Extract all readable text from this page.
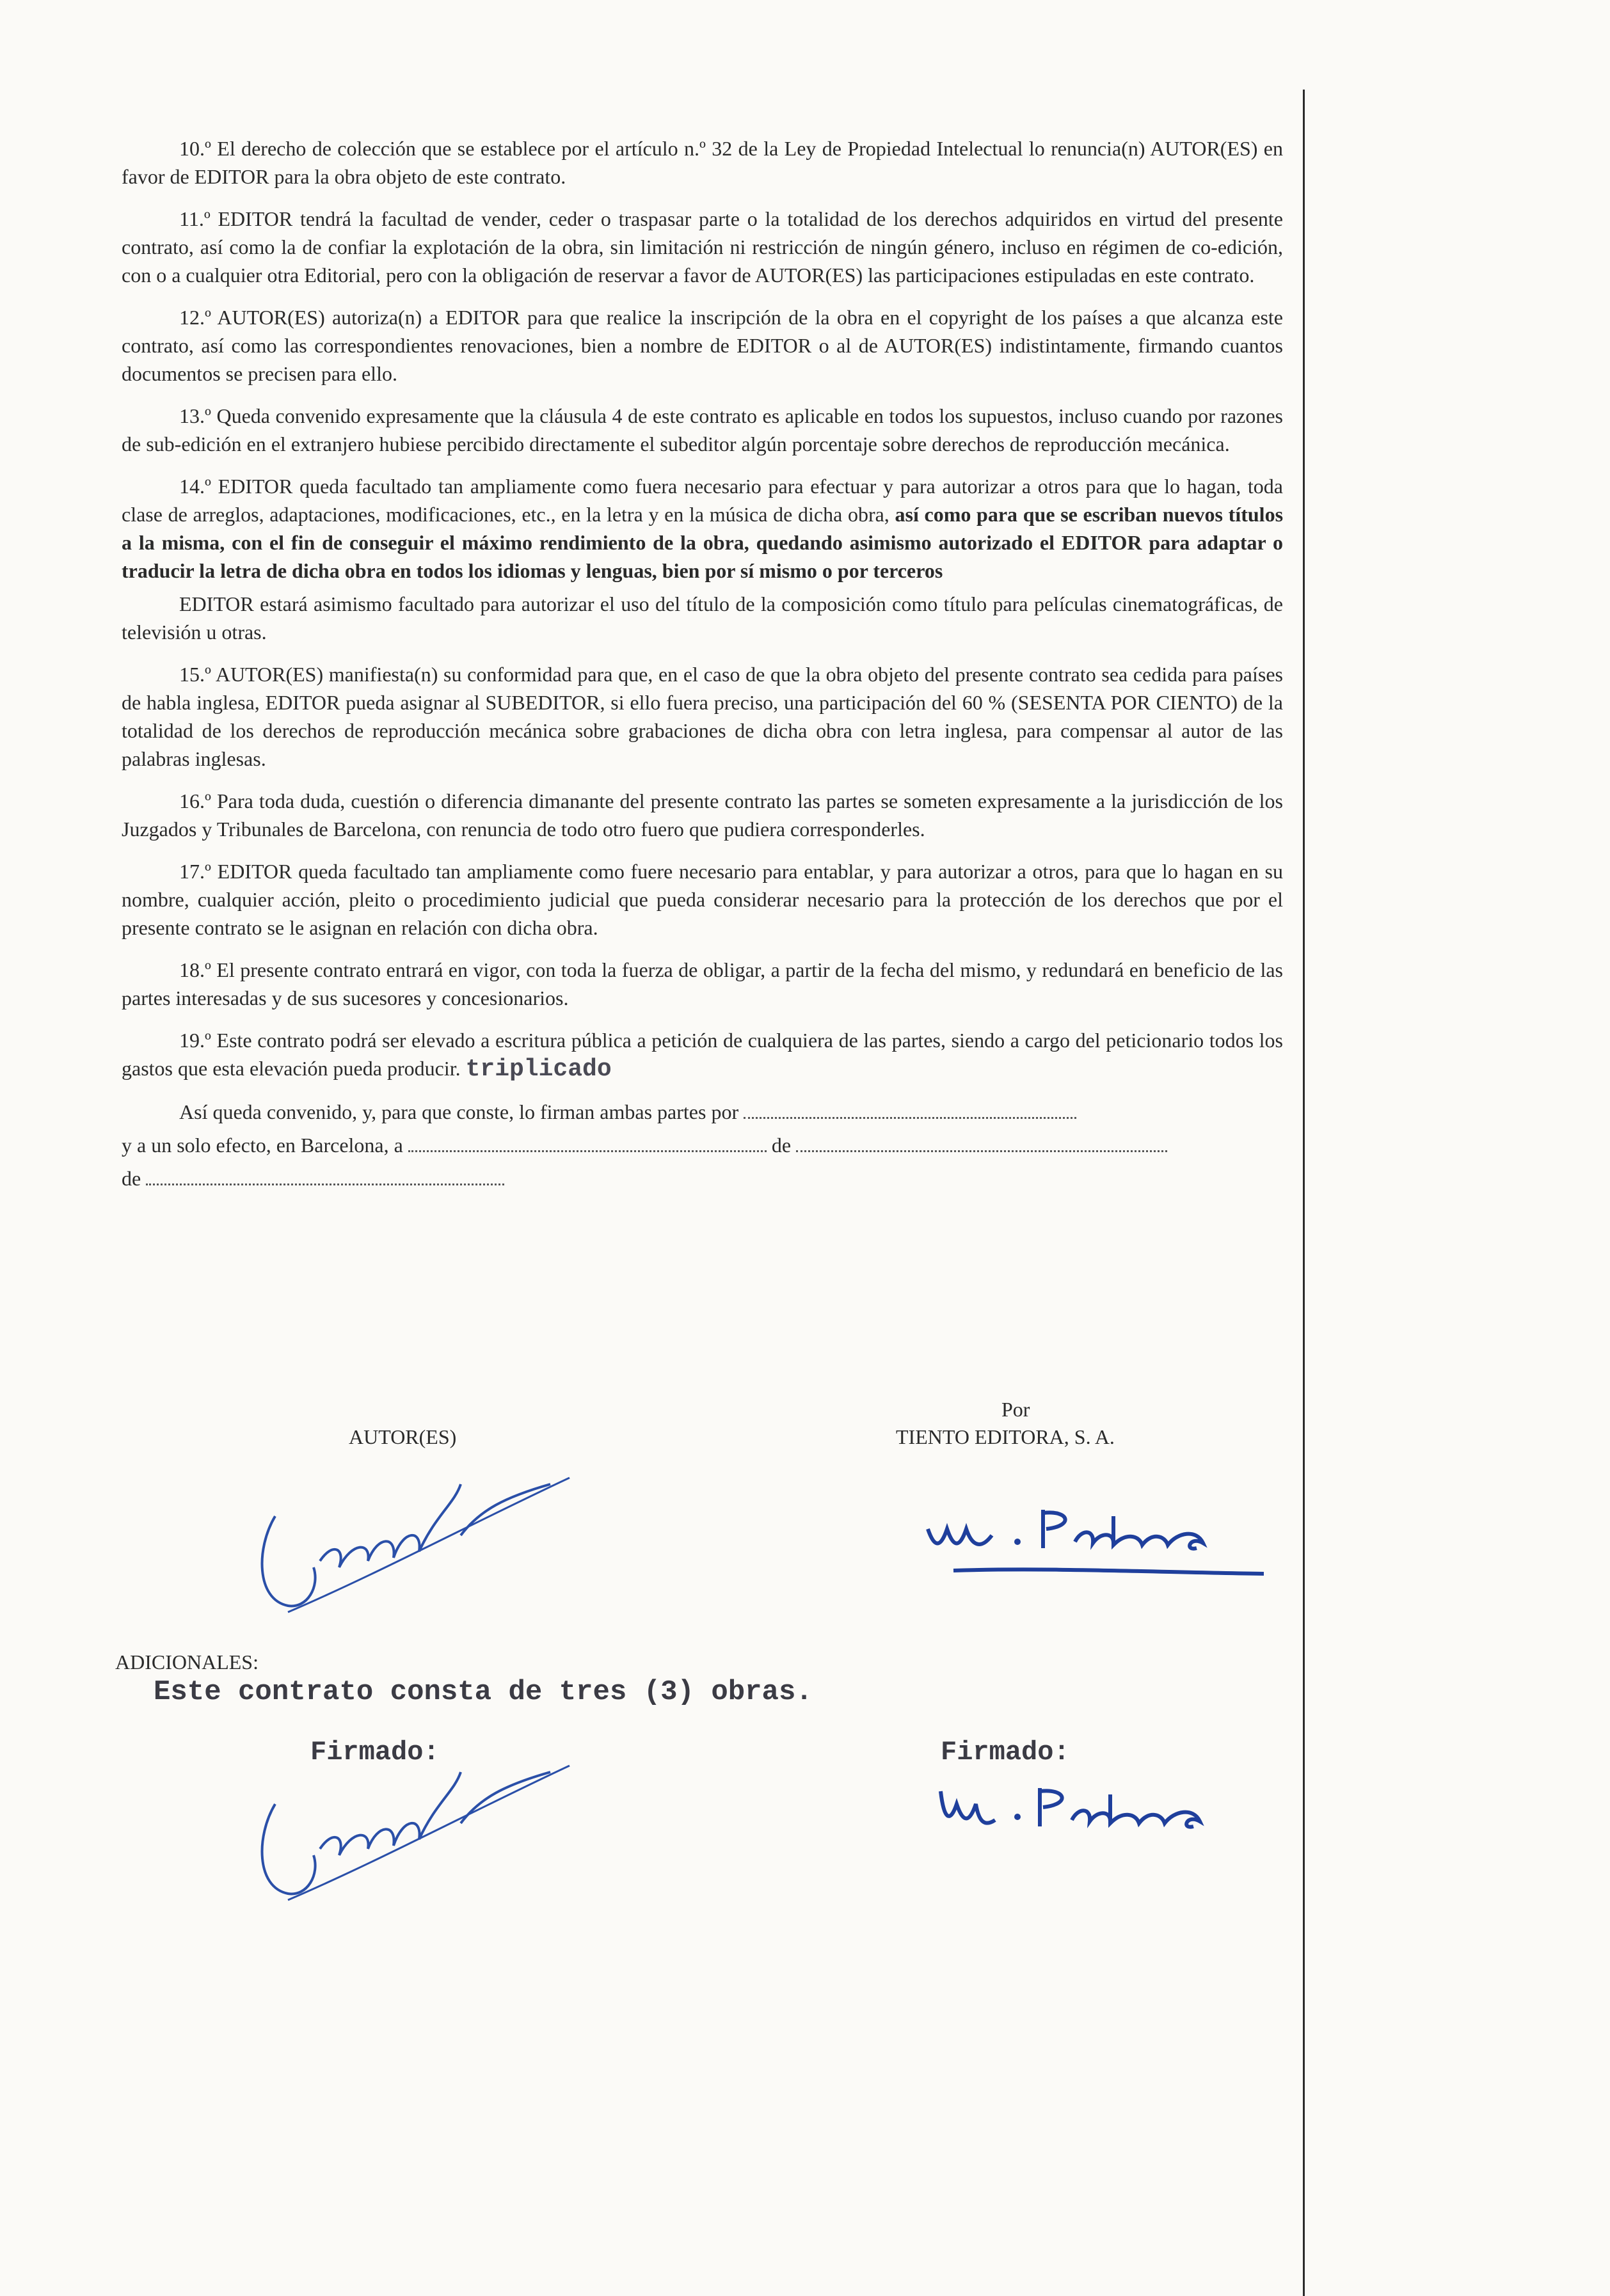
10.º El derecho de colección que se establece por el artículo n.º 32 de la Ley de Propiedad Intelectual lo renuncia(n) AUTOR(ES) en favor de EDITOR para la obra objeto de este contrato.

11.º EDITOR tendrá la facultad de vender, ceder o traspasar parte o la totalidad de los derechos adquiridos en virtud del presente contrato, así como la de confiar la explotación de la obra, sin limitación ni restricción de ningún género, incluso en régimen de co-edición, con o a cualquier otra Editorial, pero con la obligación de reservar a favor de AUTOR(ES) las participaciones estipuladas en este contrato.

12.º AUTOR(ES) autoriza(n) a EDITOR para que realice la inscripción de la obra en el copyright de los países a que alcanza este contrato, así como las correspondientes renovaciones, bien a nombre de EDITOR o al de AUTOR(ES) indistintamente, firmando cuantos documentos se precisen para ello.

13.º Queda convenido expresamente que la cláusula 4 de este contrato es aplicable en todos los supuestos, incluso cuando por razones de sub-edición en el extranjero hubiese percibido directamente el subeditor algún porcentaje sobre derechos de reproducción mecánica.

14.º EDITOR queda facultado tan ampliamente como fuera necesario para efectuar y para autorizar a otros para que lo hagan, toda clase de arreglos, adaptaciones, modificaciones, etc., en la letra y en la música de dicha obra, así como para que se escriban nuevos títulos a la misma, con el fin de conseguir el máximo rendimiento de la obra, quedando asimismo autorizado el EDITOR para adaptar o traducir la letra de dicha obra en todos los idiomas y lenguas, bien por sí mismo o por terceros

EDITOR estará asimismo facultado para autorizar el uso del título de la composición como título para películas cinematográficas, de televisión u otras.

15.º AUTOR(ES) manifiesta(n) su conformidad para que, en el caso de que la obra objeto del presente contrato sea cedida para países de habla inglesa, EDITOR pueda asignar al SUBEDITOR, si ello fuera preciso, una participación del 60 % (SESENTA POR CIENTO) de la totalidad de los derechos de reproducción mecánica sobre grabaciones de dicha obra con letra inglesa, para compensar al autor de las palabras inglesas.

16.º Para toda duda, cuestión o diferencia dimanante del presente contrato las partes se someten expresamente a la jurisdicción de los Juzgados y Tribunales de Barcelona, con renuncia de todo otro fuero que pudiera corresponderles.

17.º EDITOR queda facultado tan ampliamente como fuere necesario para entablar, y para autorizar a otros, para que lo hagan en su nombre, cualquier acción, pleito o procedimiento judicial que pueda considerar necesario para la protección de los derechos que por el presente contrato se le asignan en relación con dicha obra.

18.º El presente contrato entrará en vigor, con toda la fuerza de obligar, a partir de la fecha del mismo, y redundará en beneficio de las partes interesadas y de sus sucesores y concesionarios.

19.º Este contrato podrá ser elevado a escritura pública a petición de cualquiera de las partes, siendo a cargo del peticionario todos los gastos que esta elevación pueda producir. triplicado

Así queda convenido, y, para que conste, lo firman ambas partes por

y a un solo efecto, en Barcelona, a	de

de

Por
AUTOR(ES)	TIENTO EDITORA, S. A.
ADICIONALES:
Este contrato consta de tres (3) obras.
Firmado:	Firmado:
